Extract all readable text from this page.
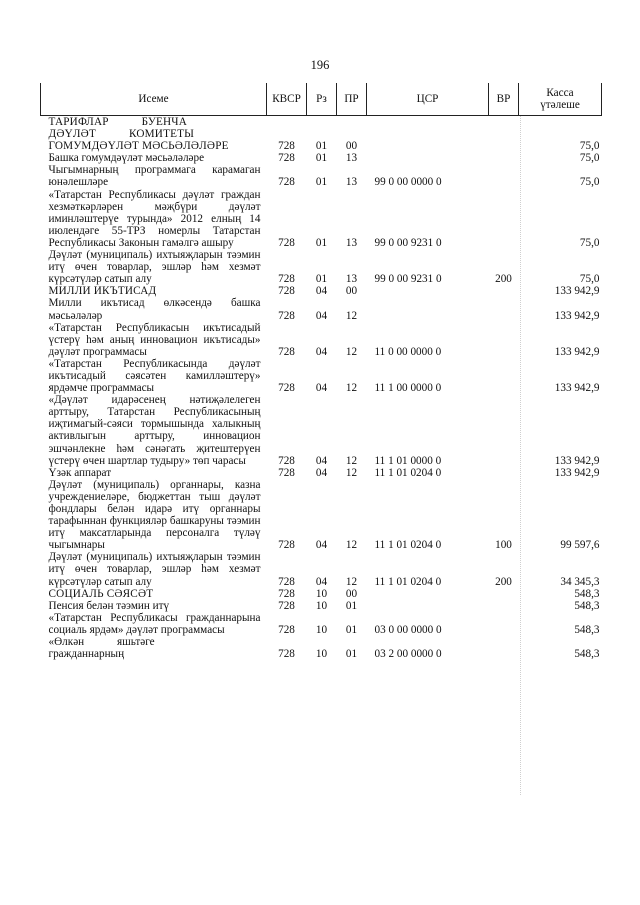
196
Исеме	КВСР	Рз	ПР	ЦСР	ВР	Касса
үтәлеше

ТАРИФЛАР БУЕНЧА ДӘҮЛӘТ КОМИТЕТЫ						
ГОМУМДӘҮЛӘТ МӘСЬӘЛӘЛӘРЕ	728	01	00			75,0
Башка гомумдәүләт мәсьәләләре	728	01	13			75,0
Чыгымнарның программага карамаган юнәлешләре	728	01	13	99 0 00 0000 0		75,0
«Татарстан Республикасы дәүләт граждан хезмәткәрләрен мәҗбүри дәүләт иминләштерүе турында» 2012 елның 14 июлендәге 55-ТРЗ номерлы Татарстан Республикасы Законын гамәлгә ашыру	728	01	13	99 0 00 9231 0		75,0
Дәүләт (муниципаль) ихтыяҗларын тәэмин итү өчен товарлар, эшләр һәм хезмәт күрсәтүләр сатып алу	728	01	13	99 0 00 9231 0	200	75,0
МИЛЛИ ИКЪТИСАД	728	04	00			133 942,9
Милли икътисад өлкәсендә башка мәсьәләләр	728	04	12			133 942,9
«Татарстан Республикасын икътисадый үстерү һәм аның инновацион икътисады» дәүләт программасы	728	04	12	11 0 00 0000 0		133 942,9
«Татарстан Республикасында дәүләт икътисадый сәясәтен камилләштерү» ярдәмче программасы	728	04	12	11 1 00 0000 0		133 942,9
«Дәүләт идарәсенең нәтиҗәлелеген арттыру, Татарстан Республикасының иҗтимагый-сәяси тормышында халыкның активлыгын арттыру, инновацион эшчәнлекне һәм сәнәгать җитештерүен үстерү өчен шартлар тудыру» төп чарасы	728	04	12	11 1 01 0000 0		133 942,9
Үзәк аппарат	728	04	12	11 1 01 0204 0		133 942,9
Дәүләт (муниципаль) органнары, казна учреждениеләре, бюджеттан тыш дәүләт фондлары белән идарә итү органнары тарафыннан функцияләр башкаруны тәэмин итү максатларында персоналга түләү чыгымнары	728	04	12	11 1 01 0204 0	100	99 597,6
Дәүләт (муниципаль) ихтыяҗларын тәэмин итү өчен товарлар, эшләр һәм хезмәт күрсәтүләр сатып алу	728	04	12	11 1 01 0204 0	200	34 345,3
СОЦИАЛЬ СӘЯСӘТ	728	10	00			548,3
Пенсия белән тәэмин итү	728	10	01			548,3
«Татарстан Республикасы гражданнарына социаль ярдәм» дәүләт программасы	728	10	01	03 0 00 0000 0		548,3
«Өлкән яшьтәге гражданнарның	728	10	01	03 2 00 0000 0		548,3
